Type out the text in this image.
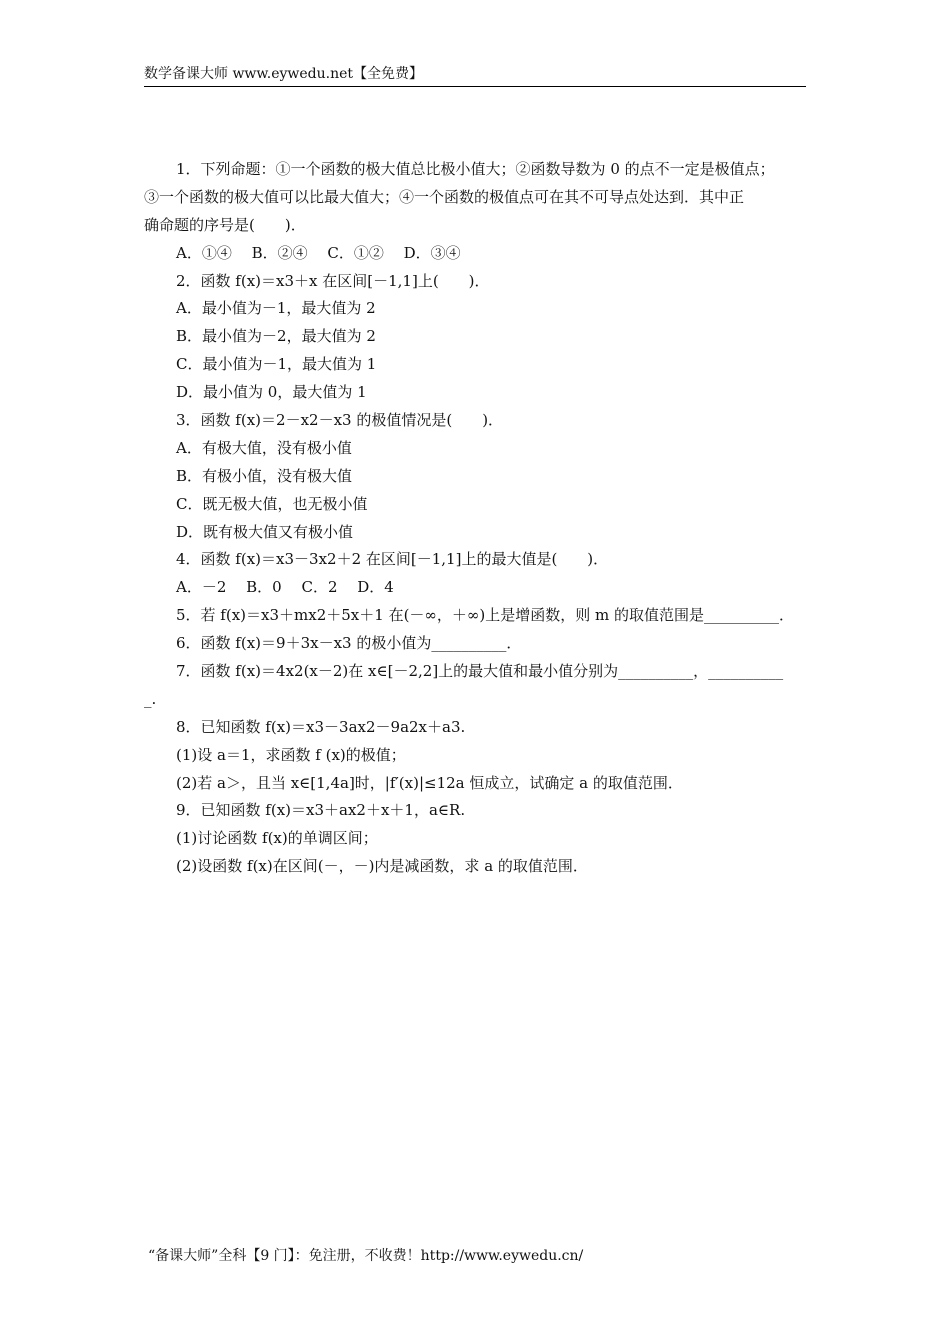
数学备课大师 www.eywedu.net【全免费】
1．下列命题：①一个函数的极大值总比极小值大；②函数导数为 0 的点不一定是极值点；
③一个函数的极大值可以比最大值大；④一个函数的极值点可在其不可导点处达到．其中正
确命题的序号是(　　)．
A．①④　 B．②④　 C．①②　 D．③④
2．函数 f(x)＝x3＋x 在区间[－1,1]上(　　)．
A．最小值为－1，最大值为 2
B．最小值为－2，最大值为 2
C．最小值为－1，最大值为 1
D．最小值为 0，最大值为 1
3．函数 f(x)＝2－x2－x3 的极值情况是(　　)．
A．有极大值，没有极小值
B．有极小值，没有极大值
C．既无极大值，也无极小值
D．既有极大值又有极小值
4．函数 f(x)＝x3－3x2＋2 在区间[－1,1]上的最大值是(　　)．
A．－2　 B．0　 C．2　 D．4
5．若 f(x)＝x3＋mx2＋5x＋1 在(－∞，＋∞)上是增函数，则 m 的取值范围是__________．
6．函数 f(x)＝9＋3x－x3 的极小值为__________．
7．函数 f(x)＝4x2(x－2)在 x∈[－2,2]上的最大值和最小值分别为__________，__________
_.
8．已知函数 f(x)＝x3－3ax2－9a2x＋a3.
(1)设 a＝1，求函数 f (x)的极值；
(2)若 a＞，且当 x∈[1,4a]时，|f′(x)|≤12a 恒成立，试确定 a 的取值范围．
9．已知函数 f(x)＝x3＋ax2＋x＋1，a∈R.
(1)讨论函数 f(x)的单调区间；
(2)设函数 f(x)在区间(－，－)内是减函数，求 a 的取值范围．
“备课大师”全科【9 门】：免注册，不收费！http://www.eywedu.cn/
